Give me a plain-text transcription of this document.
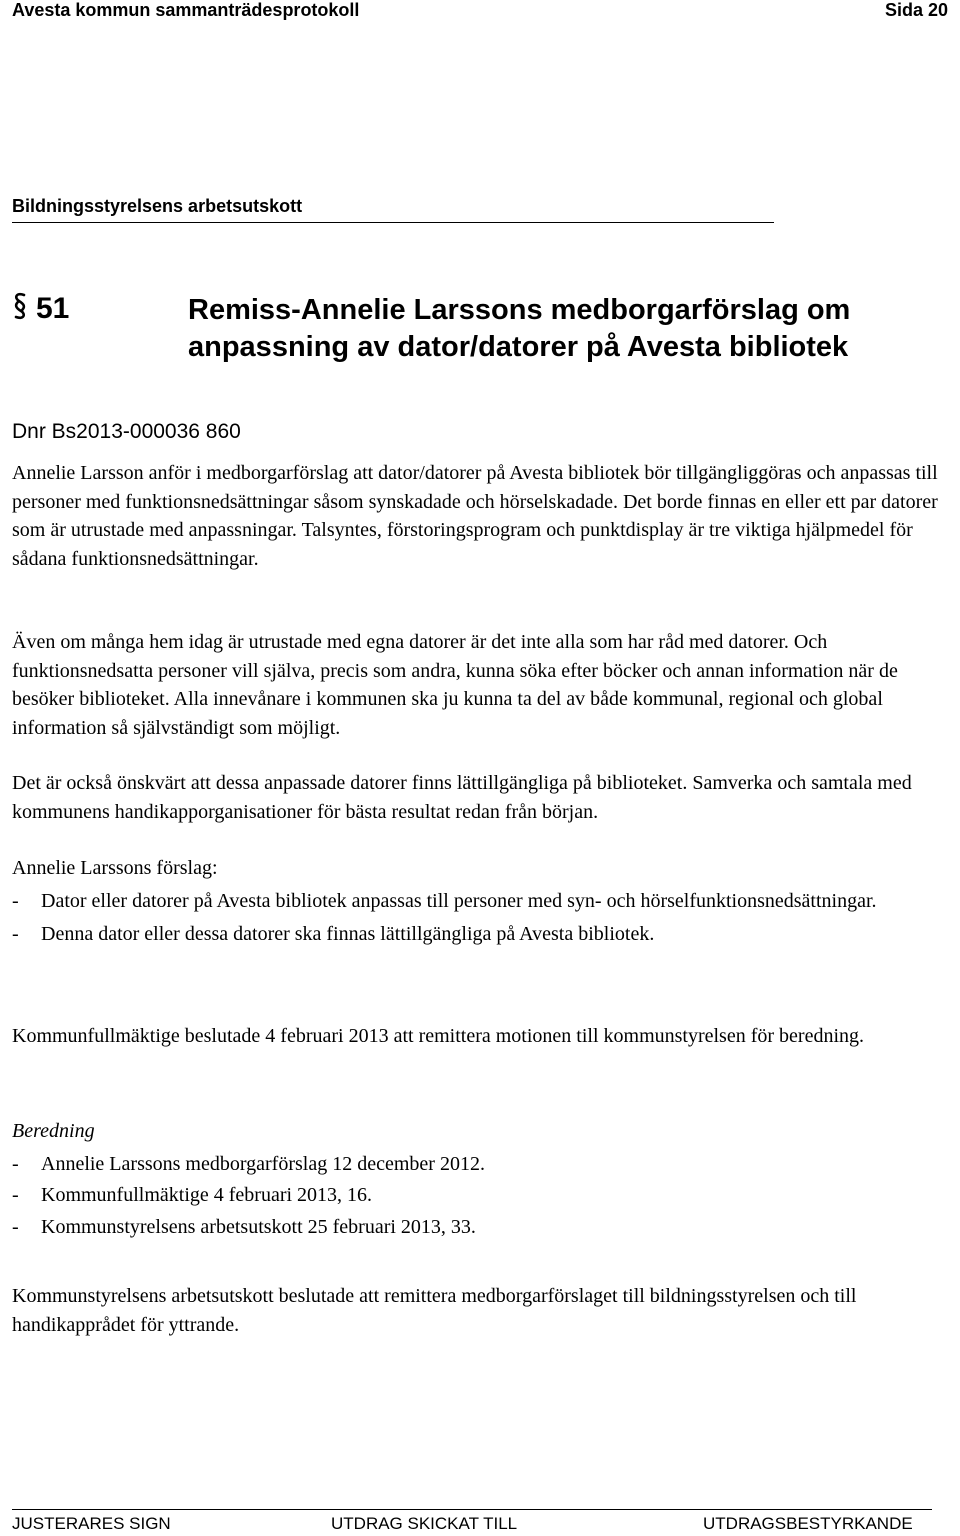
Avesta kommun sammanträdesprotokoll	Sida 20
Bildningsstyrelsens arbetsutskott
51	Remiss-Annelie Larssons medborgarförslag om anpassning av dator/datorer på Avesta bibliotek
Dnr Bs2013-000036 860

Annelie Larsson anför i medborgarförslag att dator/datorer på Avesta bibliotek bör tillgängliggöras och anpassas till personer med funktionsnedsättningar såsom synskadade och hörselskadade. Det borde finnas en eller ett par datorer som är utrustade med anpassningar. Talsyntes, förstoringsprogram och punktdisplay är tre viktiga hjälpmedel för sådana funktionsnedsättningar.

Även om många hem idag är utrustade med egna datorer är det inte alla som har råd med datorer. Och funktionsnedsatta personer vill själva, precis som andra, kunna söka efter böcker och annan information när de besöker biblioteket. Alla innevånare i kommunen ska ju kunna ta del av både kommunal, regional och global information så självständigt som möjligt.

Det är också önskvärt att dessa anpassade datorer finns lättillgängliga på biblioteket. Samverka och samtala med kommunens handikapporganisationer för bästa resultat redan från början.

Annelie Larssons förslag:

- Dator eller datorer på Avesta bibliotek anpassas till personer med syn- och hörselfunktionsnedsättningar.
- Denna dator eller dessa datorer ska finnas lättillgängliga på Avesta bibliotek.

Kommunfullmäktige beslutade 4 februari 2013 att remittera motionen till kommunstyrelsen för beredning.

Beredning

- Annelie Larssons medborgarförslag 12 december 2012.
- Kommunfullmäktige 4 februari 2013, 16.
- Kommunstyrelsens arbetsutskott 25 februari 2013, 33.

Kommunstyrelsens arbetsutskott beslutade att remittera medborgarförslaget till bildningsstyrelsen och till handikapprådet för yttrande.

JUSTERARES SIGN	UTDRAG SKICKAT TILL	UTDRAGSBESTYRKANDE
